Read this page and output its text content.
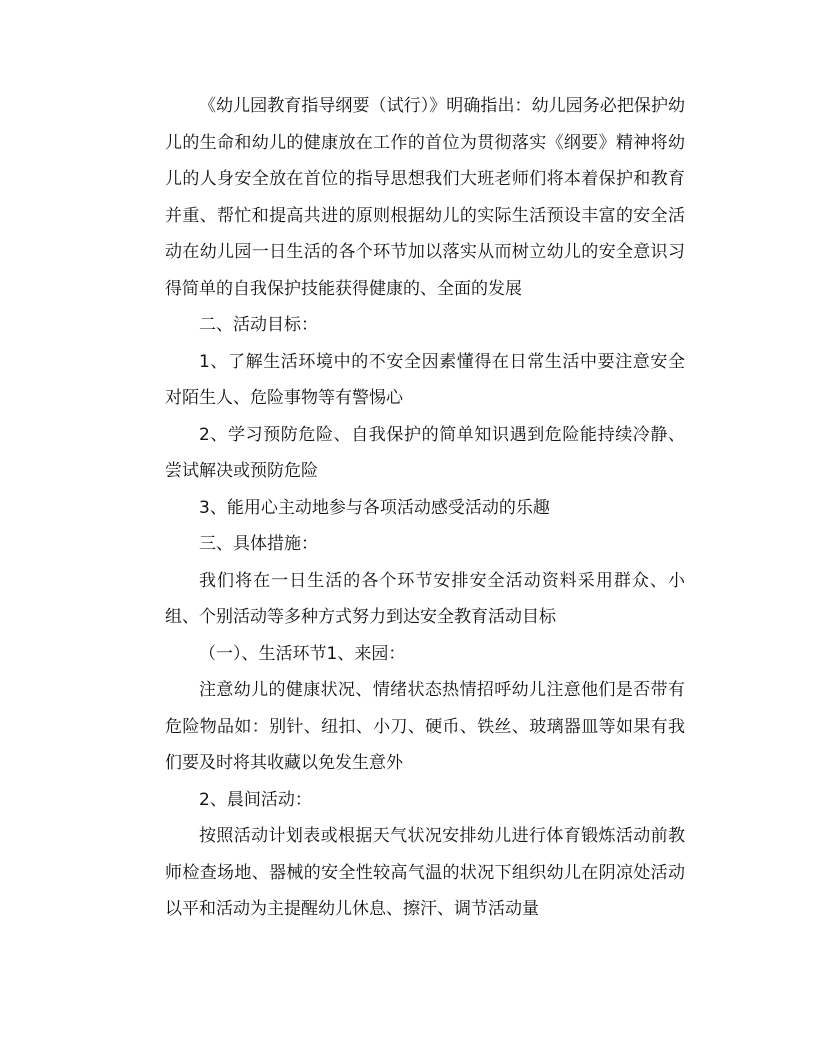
《幼儿园教育指导纲要（试行）》明确指出：幼儿园务必把保护幼儿的生命和幼儿的健康放在工作的首位为贯彻落实《纲要》精神将幼儿的人身安全放在首位的指导思想我们大班老师们将本着保护和教育并重、帮忙和提高共进的原则根据幼儿的实际生活预设丰富的安全活动在幼儿园一日生活的各个环节加以落实从而树立幼儿的安全意识习得简单的自我保护技能获得健康的、全面的发展

二、活动目标：

1、了解生活环境中的不安全因素懂得在日常生活中要注意安全对陌生人、危险事物等有警惕心

2、学习预防危险、自我保护的简单知识遇到危险能持续冷静、尝试解决或预防危险

3、能用心主动地参与各项活动感受活动的乐趣

三、具体措施：

我们将在一日生活的各个环节安排安全活动资料采用群众、小组、个别活动等多种方式努力到达安全教育活动目标

（一）、生活环节1、来园：

注意幼儿的健康状况、情绪状态热情招呼幼儿注意他们是否带有危险物品如：别针、纽扣、小刀、硬币、铁丝、玻璃器皿等如果有我们要及时将其收藏以免发生意外

2、晨间活动：

按照活动计划表或根据天气状况安排幼儿进行体育锻炼活动前教师检查场地、器械的安全性较高气温的状况下组织幼儿在阴凉处活动以平和活动为主提醒幼儿休息、擦汗、调节活动量
